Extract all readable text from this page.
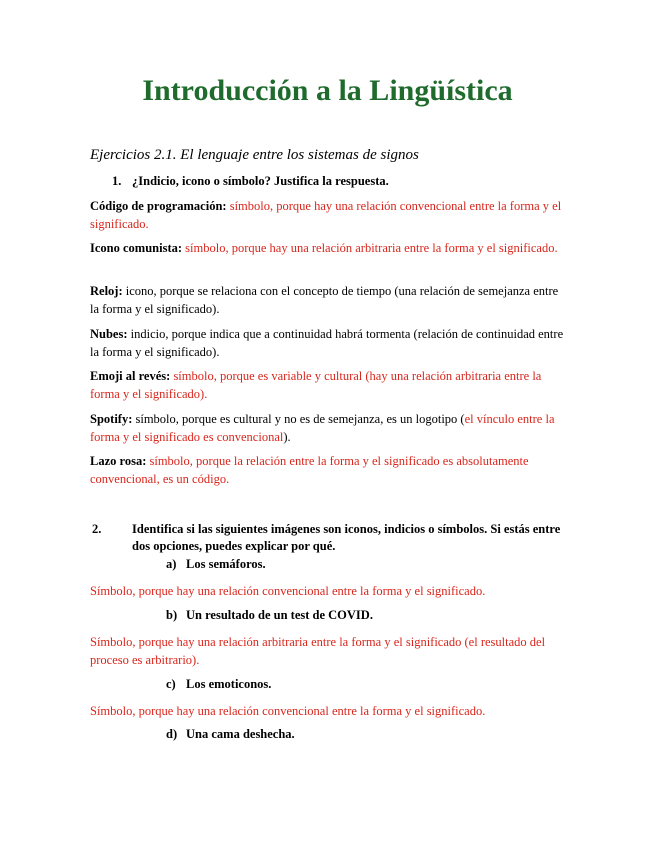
Introducción a la Lingüística

Ejercicios 2.1. El lenguaje entre los sistemas de signos

1. ¿Indicio, icono o símbolo? Justifica la respuesta.

Código de programación: símbolo, porque hay una relación convencional entre la forma y el significado.

Icono comunista: símbolo, porque hay una relación arbitraria entre la forma y el significado.

Reloj: icono, porque se relaciona con el concepto de tiempo (una relación de semejanza entre la forma y el significado).

Nubes: indicio, porque indica que a continuidad habrá tormenta (relación de continuidad entre la forma y el significado).

Emoji al revés: símbolo, porque es variable y cultural (hay una relación arbitraria entre la forma y el significado).

Spotify: símbolo, porque es cultural y no es de semejanza, es un logotipo (el vínculo entre la forma y el significado es convencional).

Lazo rosa: símbolo, porque la relación entre la forma y el significado es absolutamente convencional, es un código.

2. Identifica si las siguientes imágenes son iconos, indicios o símbolos. Si estás entre dos opciones, puedes explicar por qué.

a) Los semáforos.

Símbolo, porque hay una relación convencional entre la forma y el significado.

b) Un resultado de un test de COVID.

Símbolo, porque hay una relación arbitraria entre la forma y el significado (el resultado del proceso es arbitrario).

c) Los emoticonos.

Símbolo, porque hay una relación convencional entre la forma y el significado.

d) Una cama deshecha.
